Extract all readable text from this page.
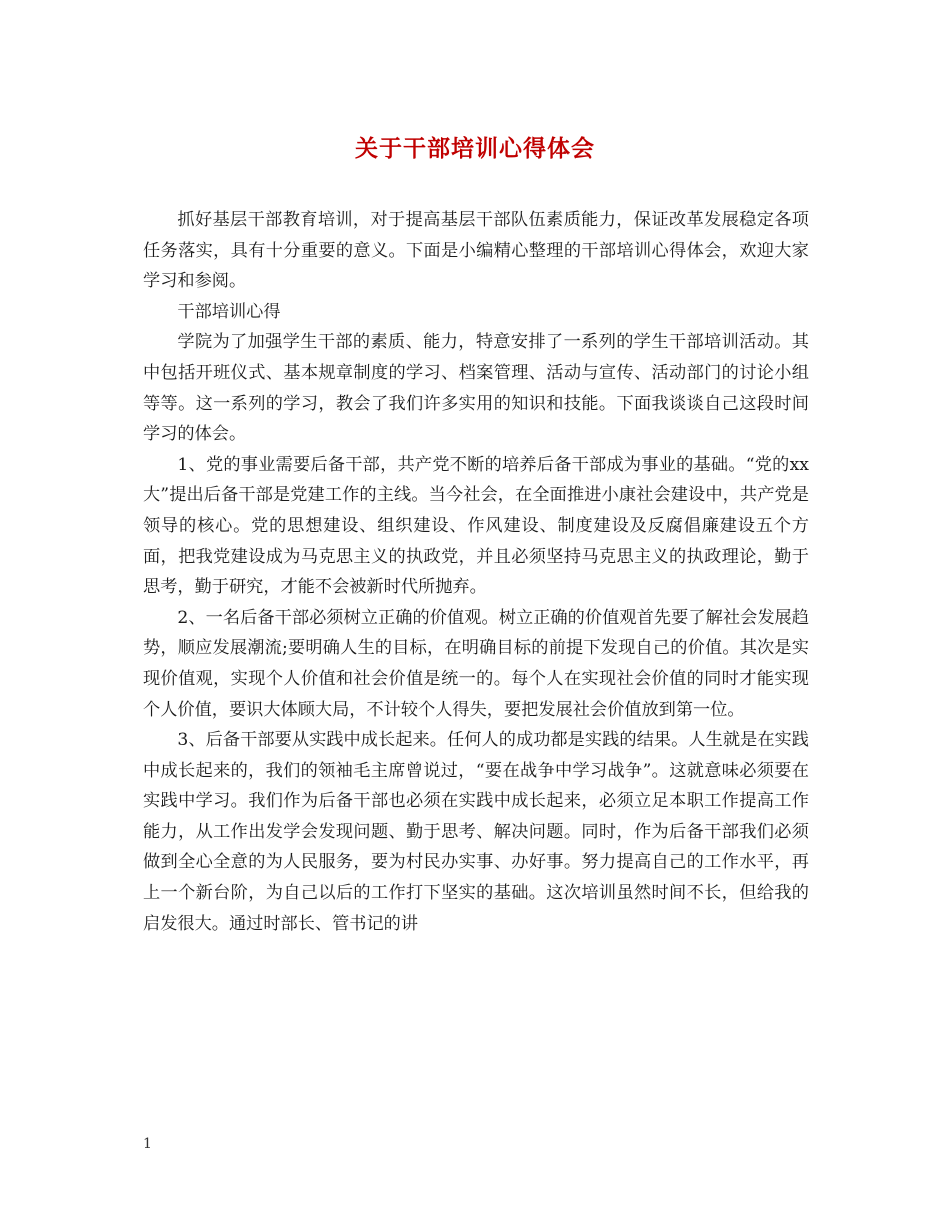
关于干部培训心得体会

抓好基层干部教育培训，对于提高基层干部队伍素质能力，保证改革发展稳定各项任务落实，具有十分重要的意义。下面是小编精心整理的干部培训心得体会，欢迎大家学习和参阅。

干部培训心得

学院为了加强学生干部的素质、能力，特意安排了一系列的学生干部培训活动。其中包括开班仪式、基本规章制度的学习、档案管理、活动与宣传、活动部门的讨论小组等等。这一系列的学习，教会了我们许多实用的知识和技能。下面我谈谈自己这段时间学习的体会。

1、党的事业需要后备干部，共产党不断的培养后备干部成为事业的基础。“党的xx大”提出后备干部是党建工作的主线。当今社会，在全面推进小康社会建设中，共产党是领导的核心。党的思想建设、组织建设、作风建设、制度建设及反腐倡廉建设五个方面，把我党建设成为马克思主义的执政党，并且必须坚持马克思主义的执政理论，勤于思考，勤于研究，才能不会被新时代所抛弃。

2、一名后备干部必须树立正确的价值观。树立正确的价值观首先要了解社会发展趋势，顺应发展潮流;要明确人生的目标，在明确目标的前提下发现自己的价值。其次是实现价值观，实现个人价值和社会价值是统一的。每个人在实现社会价值的同时才能实现个人价值，要识大体顾大局，不计较个人得失，要把发展社会价值放到第一位。

3、后备干部要从实践中成长起来。任何人的成功都是实践的结果。人生就是在实践中成长起来的，我们的领袖毛主席曾说过，“要在战争中学习战争”。这就意味必须要在实践中学习。我们作为后备干部也必须在实践中成长起来，必须立足本职工作提高工作能力，从工作出发学会发现问题、勤于思考、解决问题。同时，作为后备干部我们必须做到全心全意的为人民服务，要为村民办实事、办好事。努力提高自己的工作水平，再上一个新台阶，为自己以后的工作打下坚实的基础。这次培训虽然时间不长，但给我的启发很大。通过时部长、管书记的讲

1
